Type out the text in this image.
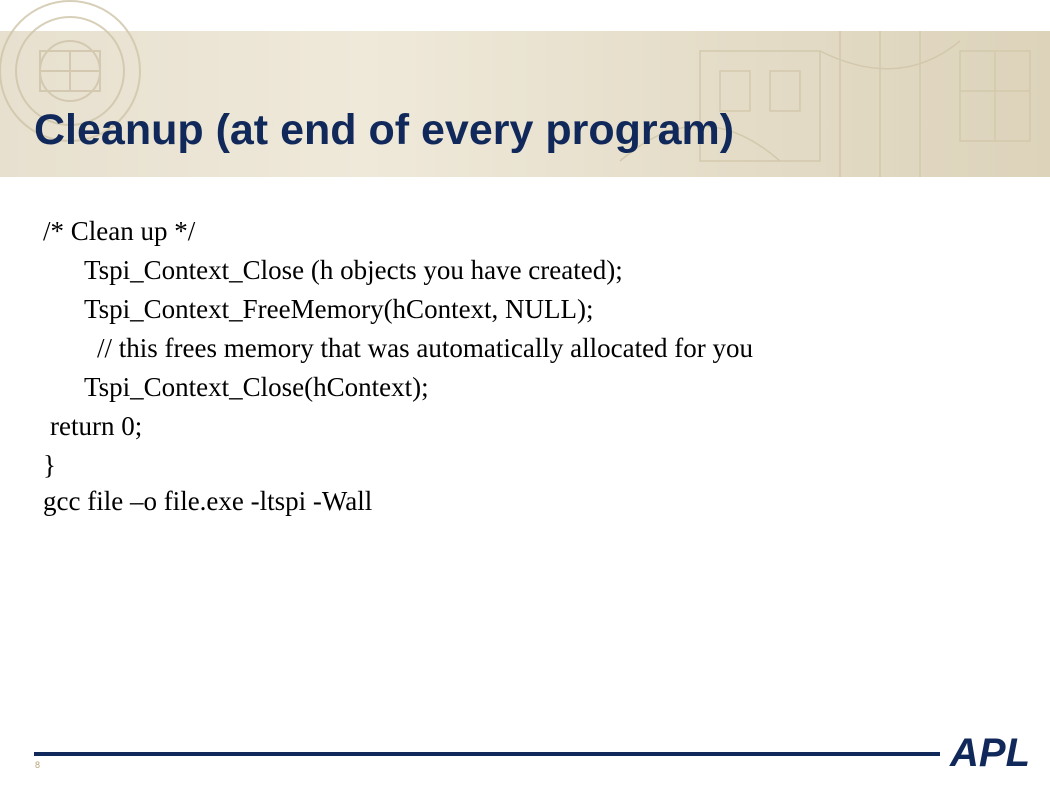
Cleanup (at end of every program)
/* Clean up */
Tspi_Context_Close (h objects you have created);
Tspi_Context_FreeMemory(hContext, NULL);
// this frees memory that was automatically allocated for you
Tspi_Context_Close(hContext);
return 0;
}
gcc file –o file.exe -ltspi -Wall
8	APL
